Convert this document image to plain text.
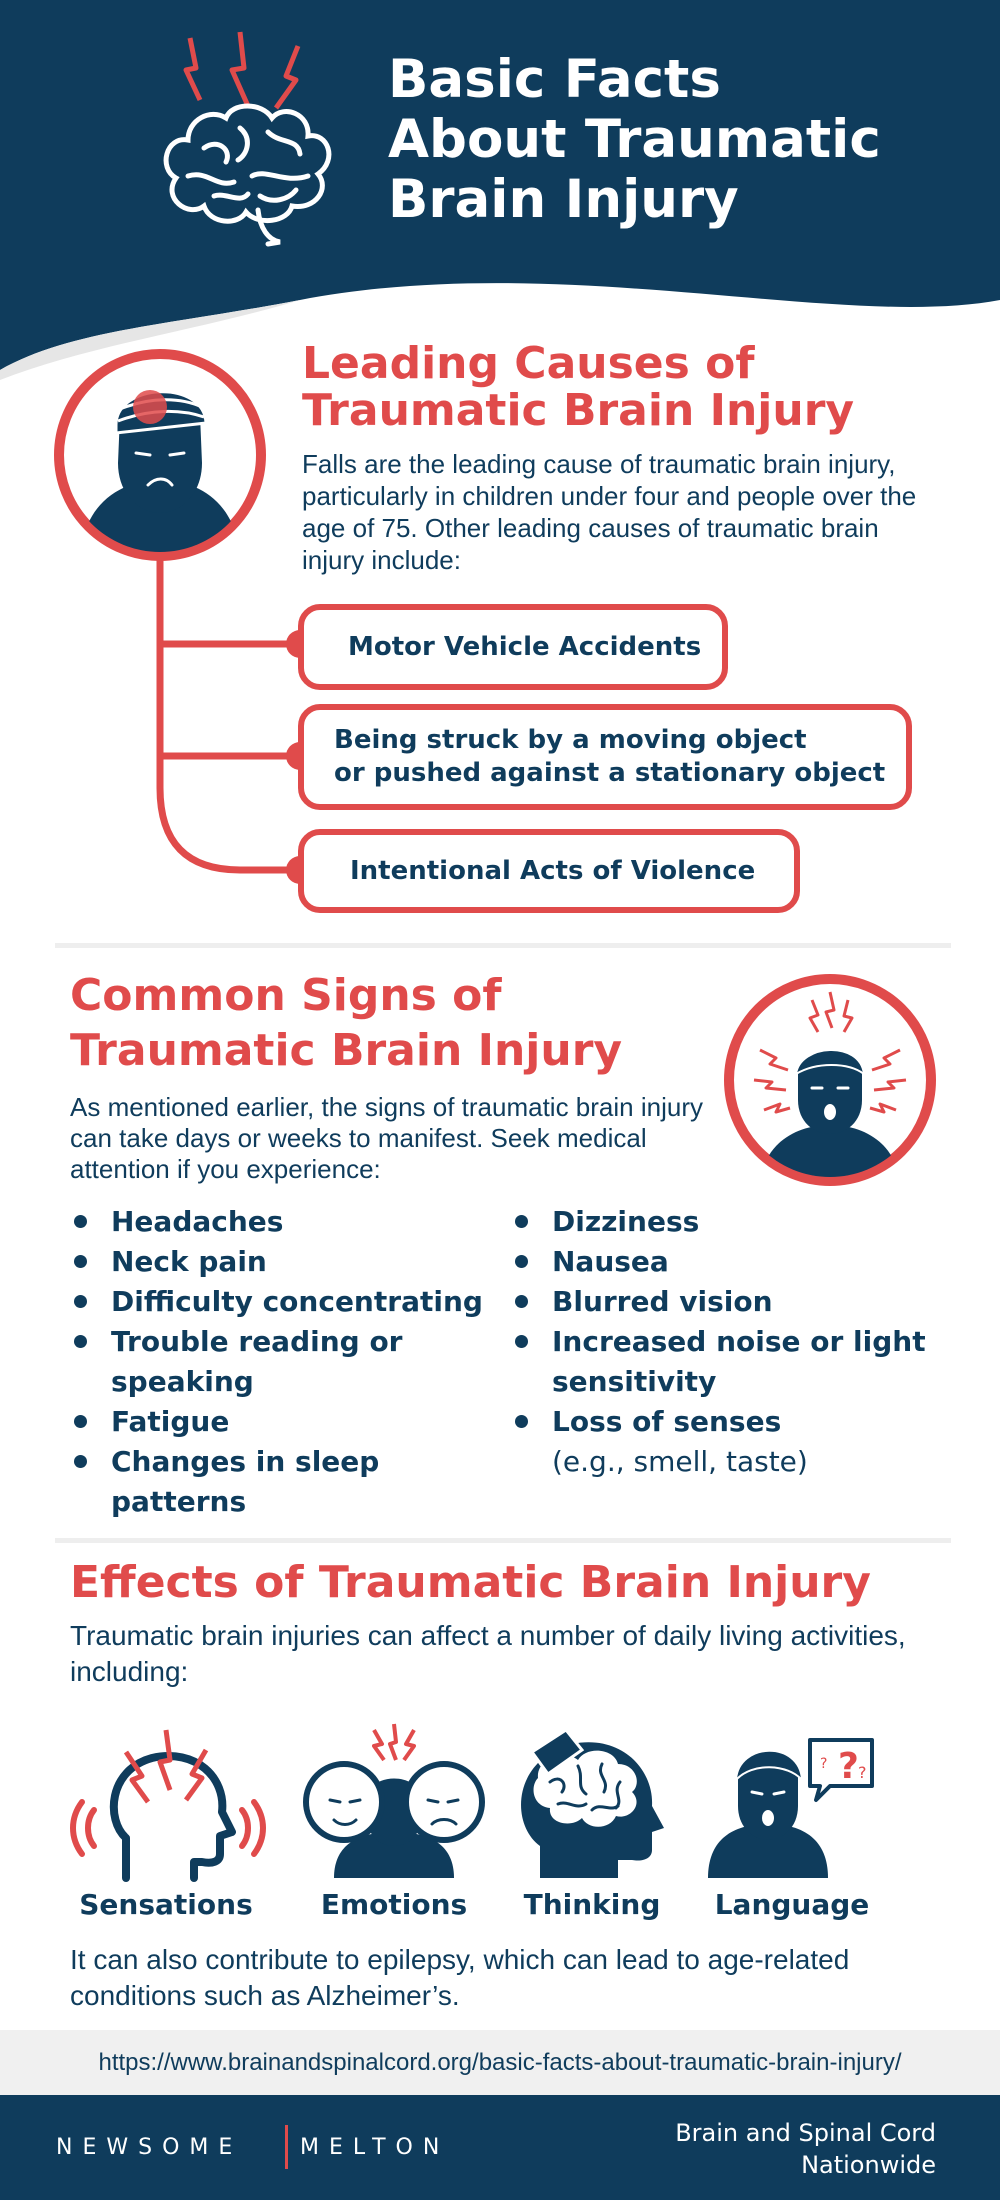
Basic Facts
About Traumatic
Brain Injury
Leading Causes of
Traumatic Brain Injury
Falls are the leading cause of traumatic brain injury, particularly in children under four and people over the age of 75. Other leading causes of traumatic brain injury include:
Motor Vehicle Accidents
Being struck by a moving object
or pushed against a stationary object
Intentional Acts of Violence
Common Signs of
Traumatic Brain Injury
As mentioned earlier, the signs of traumatic brain injury can take days or weeks to manifest. Seek medical attention if you experience:
Headaches
Neck pain
Difficulty concentrating
Trouble reading or speaking
Fatigue
Changes in sleep patterns
Dizziness
Nausea
Blurred vision
Increased noise or light sensitivity
Loss of senses
(e.g., smell, taste)
Effects of Traumatic Brain Injury
Traumatic brain injuries can affect a number of daily living activities, including:
Sensations	Emotions	Thinking
?
? ?
Language
It can also contribute to epilepsy, which can lead to age-related conditions such as Alzheimer’s.
https://www.brainandspinalcord.org/basic-facts-about-traumatic-brain-injury/
NEWSOME	MELTON
Brain and Spinal Cord
Nationwide
